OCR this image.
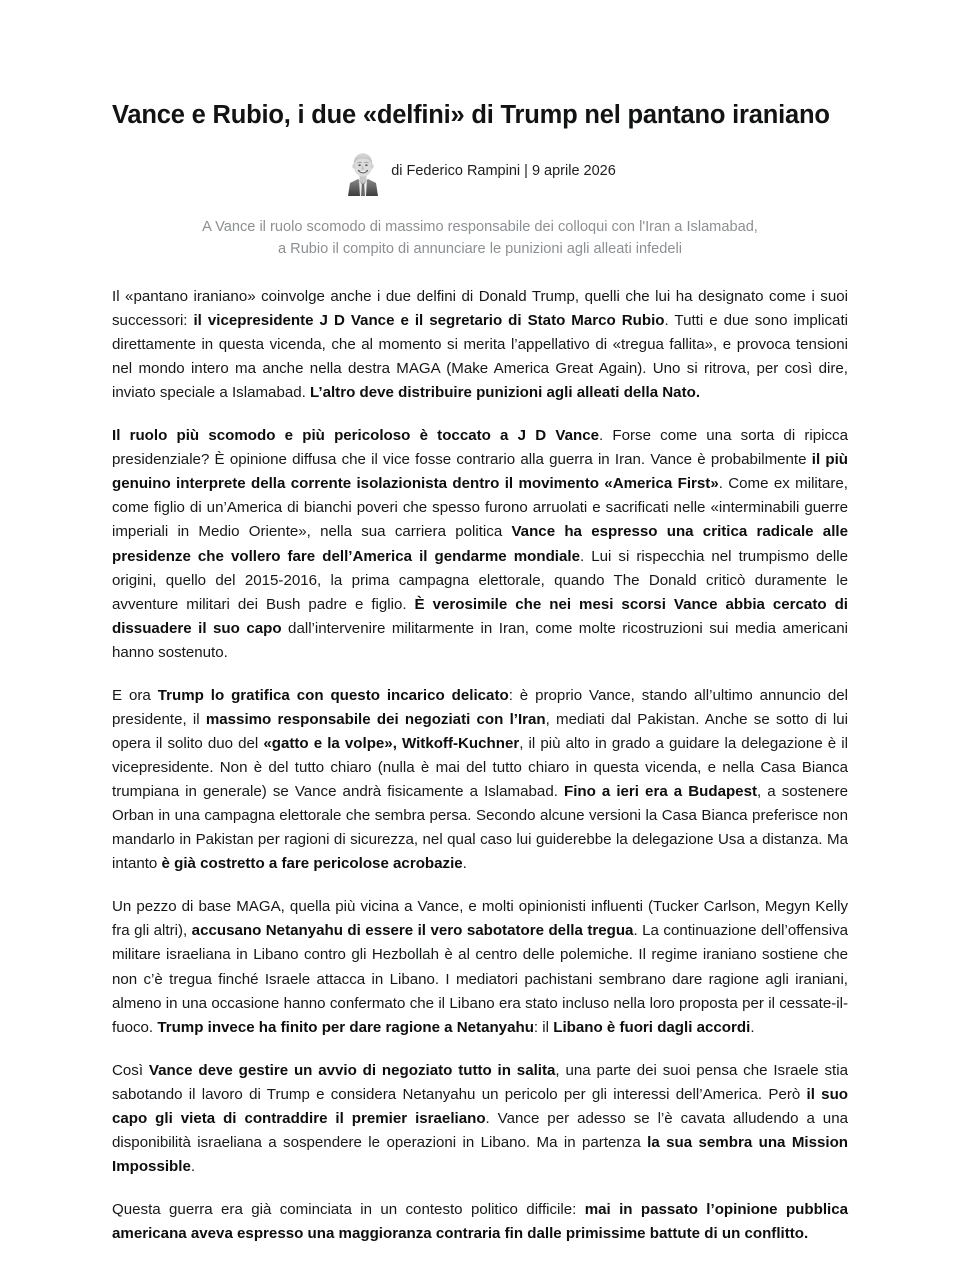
Vance e Rubio, i due «delfini» di Trump nel pantano iraniano
di Federico Rampini | 9 aprile 2026
A Vance il ruolo scomodo di massimo responsabile dei colloqui con l'Iran a Islamabad,
a Rubio il compito di annunciare le punizioni agli alleati infedeli

Il «pantano iraniano» coinvolge anche i due delfini di Donald Trump, quelli che lui ha designato come i suoi successori: il vicepresidente J D Vance e il segretario di Stato Marco Rubio. Tutti e due sono implicati direttamente in questa vicenda, che al momento si merita l’appellativo di «tregua fallita», e provoca tensioni nel mondo intero ma anche nella destra MAGA (Make America Great Again). Uno si ritrova, per così dire, inviato speciale a Islamabad. L’altro deve distribuire punizioni agli alleati della Nato.

Il ruolo più scomodo e più pericoloso è toccato a J D Vance. Forse come una sorta di ripicca presidenziale? È opinione diffusa che il vice fosse contrario alla guerra in Iran. Vance è probabilmente il più genuino interprete della corrente isolazionista dentro il movimento «America First». Come ex militare, come figlio di un’America di bianchi poveri che spesso furono arruolati e sacrificati nelle «interminabili guerre imperiali in Medio Oriente», nella sua carriera politica Vance ha espresso una critica radicale alle presidenze che vollero fare dell’America il gendarme mondiale. Lui si rispecchia nel trumpismo delle origini, quello del 2015-2016, la prima campagna elettorale, quando The Donald criticò duramente le avventure militari dei Bush padre e figlio. È verosimile che nei mesi scorsi Vance abbia cercato di dissuadere il suo capo dall’intervenire militarmente in Iran, come molte ricostruzioni sui media americani hanno sostenuto.

E ora Trump lo gratifica con questo incarico delicato: è proprio Vance, stando all’ultimo annuncio del presidente, il massimo responsabile dei negoziati con l’Iran, mediati dal Pakistan. Anche se sotto di lui opera il solito duo del «gatto e la volpe», Witkoff-Kuchner, il più alto in grado a guidare la delegazione è il vicepresidente. Non è del tutto chiaro (nulla è mai del tutto chiaro in questa vicenda, e nella Casa Bianca trumpiana in generale) se Vance andrà fisicamente a Islamabad. Fino a ieri era a Budapest, a sostenere Orban in una campagna elettorale che sembra persa. Secondo alcune versioni la Casa Bianca preferisce non mandarlo in Pakistan per ragioni di sicurezza, nel qual caso lui guiderebbe la delegazione Usa a distanza. Ma intanto è già costretto a fare pericolose acrobazie.

Un pezzo di base MAGA, quella più vicina a Vance, e molti opinionisti influenti (Tucker Carlson, Megyn Kelly fra gli altri), accusano Netanyahu di essere il vero sabotatore della tregua. La continuazione dell’offensiva militare israeliana in Libano contro gli Hezbollah è al centro delle polemiche. Il regime iraniano sostiene che non c’è tregua finché Israele attacca in Libano. I mediatori pachistani sembrano dare ragione agli iraniani, almeno in una occasione hanno confermato che il Libano era stato incluso nella loro proposta per il cessate-il-fuoco. Trump invece ha finito per dare ragione a Netanyahu: il Libano è fuori dagli accordi.

Così Vance deve gestire un avvio di negoziato tutto in salita, una parte dei suoi pensa che Israele stia sabotando il lavoro di Trump e considera Netanyahu un pericolo per gli interessi dell’America. Però il suo capo gli vieta di contraddire il premier israeliano. Vance per adesso se l’è cavata alludendo a una disponibilità israeliana a sospendere le operazioni in Libano. Ma in partenza la sua sembra una Mission Impossible.

Questa guerra era già cominciata in un contesto politico difficile: mai in passato l’opinione pubblica americana aveva espresso una maggioranza contraria fin dalle primissime battute di un conflitto.
